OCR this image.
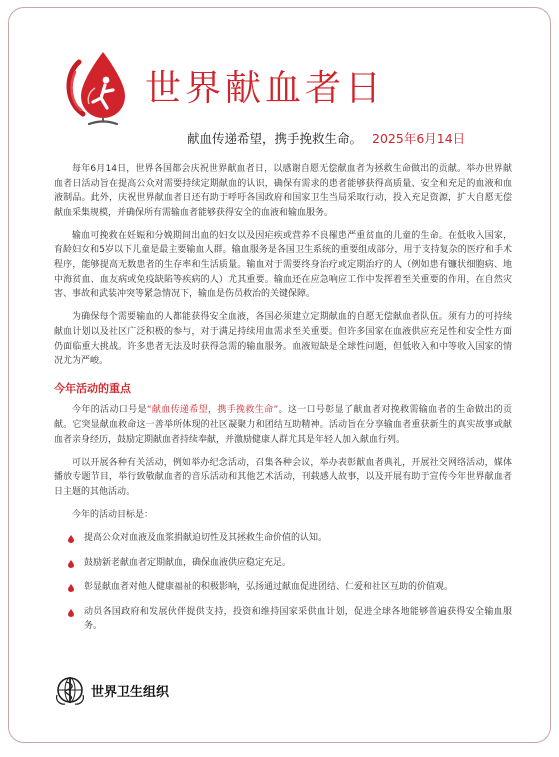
世界献血者日
献血传递希望，携手挽救生命。 2025年6月14日

每年6月14日，世界各国都会庆祝世界献血者日，以感谢自愿无偿献血者为拯救生命做出的贡献。举办世界献血者日活动旨在提高公众对需要持续定期献血的认识，确保有需求的患者能够获得高质量、安全和充足的血液和血液制品。此外，庆祝世界献血者日还有助于呼吁各国政府和国家卫生当局采取行动，投入充足资源，扩大自愿无偿献血采集规模，并确保所有需输血者能够获得安全的血液和输血服务。

输血可挽救在妊娠和分娩期间出血的妇女以及因疟疾或营养不良罹患严重贫血的儿童的生命。在低收入国家，育龄妇女和5岁以下儿童是最主要输血人群。输血服务是各国卫生系统的重要组成部分，用于支持复杂的医疗和手术程序，能够提高无数患者的生存率和生活质量。输血对于需要终身治疗或定期治疗的人（例如患有镰状细胞病、地中海贫血、血友病或免疫缺陷等疾病的人）尤其重要。输血还在应急响应工作中发挥着至关重要的作用，在自然灾害、事故和武装冲突等紧急情况下，输血是伤员救治的关键保障。

为确保每个需要输血的人都能获得安全血液，各国必须建立定期献血的自愿无偿献血者队伍。须有力的可持续献血计划以及社区广泛积极的参与，对于满足持续用血需求至关重要。但许多国家在血液供应充足性和安全性方面仍面临重大挑战。许多患者无法及时获得急需的输血服务。血液短缺是全球性问题，但低收入和中等收入国家的情况尤为严峻。

今年活动的重点

今年的活动口号是“献血传递希望，携手挽救生命”。这一口号彰显了献血者对挽救需输血者的生命做出的贡献。它突显献血救命这一善举所体现的社区凝聚力和团结互助精神。活动旨在分享输血者重获新生的真实故事或献血者亲身经历，鼓励定期献血者持续奉献，并激励健康人群尤其是年轻人加入献血行列。

可以开展各种有关活动，例如举办纪念活动，召集各种会议，举办表彰献血者典礼，开展社交网络活动，媒体播放专题节目，举行致敬献血者的音乐活动和其他艺术活动，刊载感人故事，以及开展有助于宣传今年世界献血者日主题的其他活动。

今年的活动目标是：

提高公众对血液及血浆捐献迫切性及其拯救生命价值的认知。
鼓励新老献血者定期献血，确保血液供应稳定充足。
彰显献血者对他人健康福祉的积极影响，弘扬通过献血促进团结、仁爱和社区互助的价值观。
动员各国政府和发展伙伴提供支持，投资和维持国家采供血计划，促进全球各地能够普遍获得安全输血服务。
世界卫生组织
